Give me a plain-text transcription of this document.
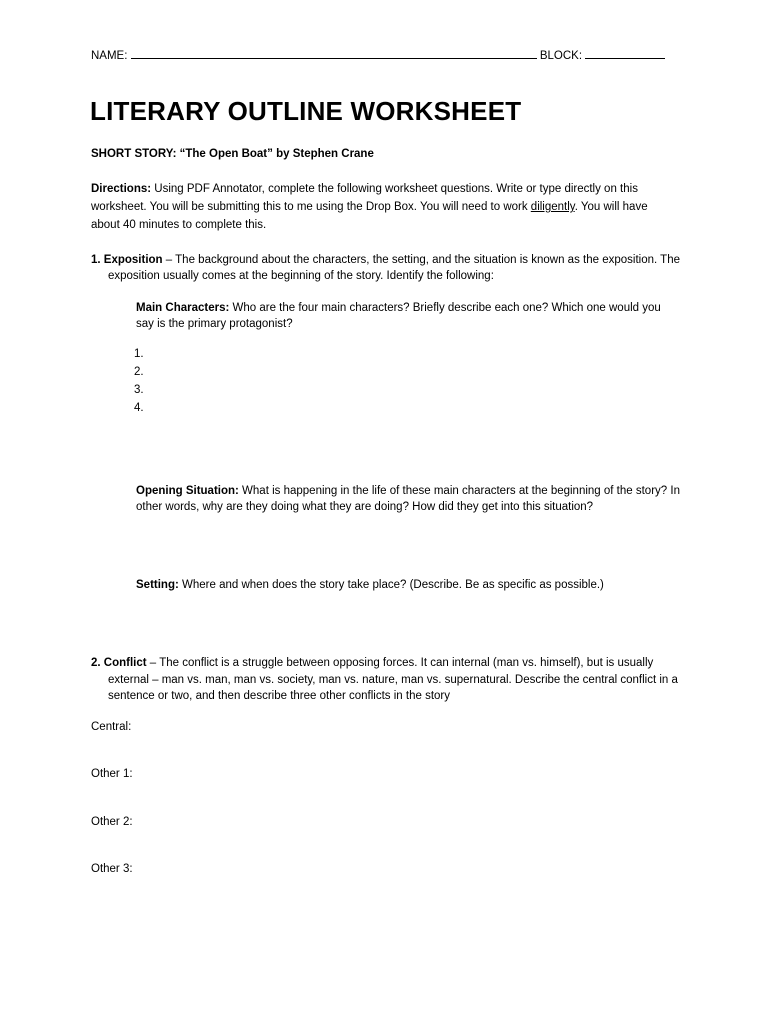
NAME:	BLOCK:
LITERARY OUTLINE WORKSHEET
SHORT STORY: “The Open Boat” by Stephen Crane
Directions: Using PDF Annotator, complete the following worksheet questions. Write or type directly on this
worksheet. You will be submitting this to me using the Drop Box. You will need to work diligently. You will have
about 40 minutes to complete this.
1. Exposition – The background about the characters, the setting, and the situation is known as the exposition. The
exposition usually comes at the beginning of the story. Identify the following:
Main Characters: Who are the four main characters? Briefly describe each one? Which one would you
say is the primary protagonist?
1.
2.
3.
4.
Opening Situation: What is happening in the life of these main characters at the beginning of the story? In
other words, why are they doing what they are doing? How did they get into this situation?
Setting: Where and when does the story take place? (Describe. Be as specific as possible.)
2. Conflict – The conflict is a struggle between opposing forces. It can internal (man vs. himself), but is usually
external – man vs. man, man vs. society, man vs. nature, man vs. supernatural. Describe the central conflict in a
sentence or two, and then describe three other conflicts in the story
Central:
Other 1:
Other 2:
Other 3:
